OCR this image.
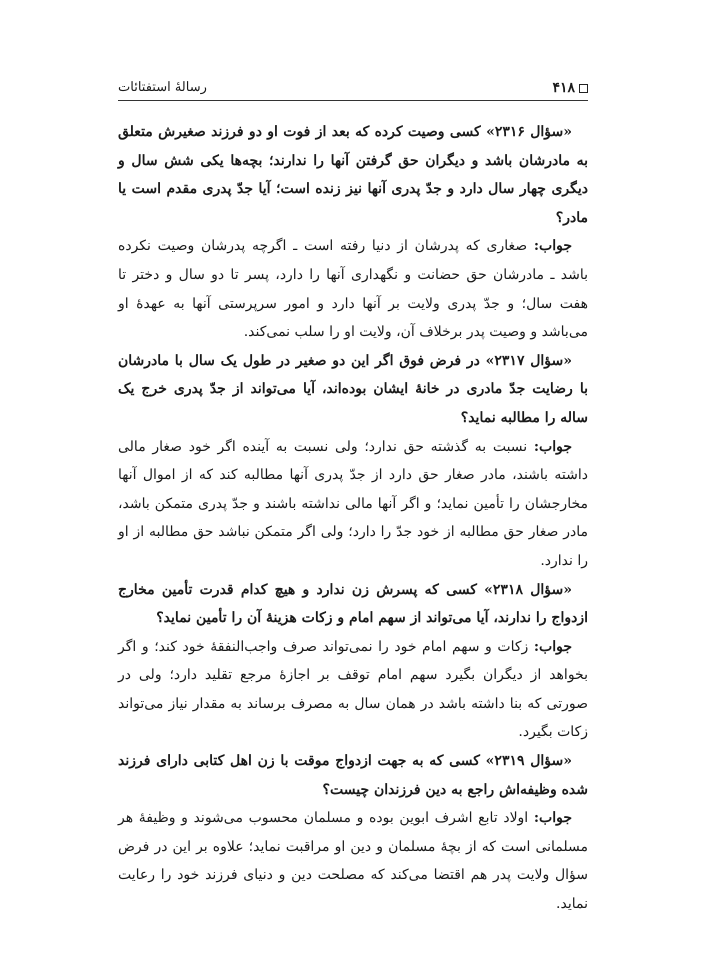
۴۱۸
رسالۀ استفتائات

«سؤال ۲۳۱۶» کسی وصیت کرده که بعد از فوت او دو فرزند صغیرش متعلق به مادرشان باشد و دیگران حق گرفتن آنها را ندارند؛ بچه‌ها یکی شش سال و دیگری چهار سال دارد و جدّ پدری آنها نیز زنده است؛ آیا جدّ پدری مقدم است یا مادر؟

جواب: صغاری که پدرشان از دنیا رفته است ـ اگرچه پدرشان وصیت نکرده باشد ـ مادرشان حق حضانت و نگهداری آنها را دارد، پسر تا دو سال و دختر تا هفت سال؛ و جدّ پدری ولایت بر آنها دارد و امور سرپرستی آنها به عهدۀ او می‌باشد و وصیت پدر برخلاف آن، ولایت او را سلب نمی‌کند.

«سؤال ۲۳۱۷» در فرض فوق اگر این دو صغیر در طول یک سال با مادرشان با رضایت جدّ مادری در خانۀ ایشان بوده‌اند، آیا می‌تواند از جدّ پدری خرج یک ساله را مطالبه نماید؟

جواب: نسبت به گذشته حق ندارد؛ ولی نسبت به آینده اگر خود صغار مالی داشته باشند، مادر صغار حق دارد از جدّ پدری آنها مطالبه کند که از اموال آنها مخارجشان را تأمین نماید؛ و اگر آنها مالی نداشته باشند و جدّ پدری متمکن باشد، مادر صغار حق مطالبه از خود جدّ را دارد؛ ولی اگر متمکن نباشد حق مطالبه از او را ندارد.

«سؤال ۲۳۱۸» کسی که پسرش زن ندارد و هیچ کدام قدرت تأمین مخارج ازدواج را ندارند، آیا می‌تواند از سهم امام و زکات هزینۀ آن را تأمین نماید؟

جواب: زکات و سهم امام خود را نمی‌تواند صرف واجب‌النفقۀ خود کند؛ و اگر بخواهد از دیگران بگیرد سهم امام توقف بر اجازۀ مرجع تقلید دارد؛ ولی در صورتی که بنا داشته باشد در همان سال به مصرف برساند به مقدار نیاز می‌تواند زکات بگیرد.

«سؤال ۲۳۱۹» کسی که به جهت ازدواج موقت با زن اهل کتابی دارای فرزند شده وظیفه‌اش راجع به دین فرزندان چیست؟

جواب: اولاد تابع اشرف ابوین بوده و مسلمان محسوب می‌شوند و وظیفۀ هر مسلمانی است که از بچۀ مسلمان و دین او مراقبت نماید؛ علاوه بر این در فرض سؤال ولایت پدر هم اقتضا می‌کند که مصلحت دین و دنیای فرزند خود را رعایت نماید.
